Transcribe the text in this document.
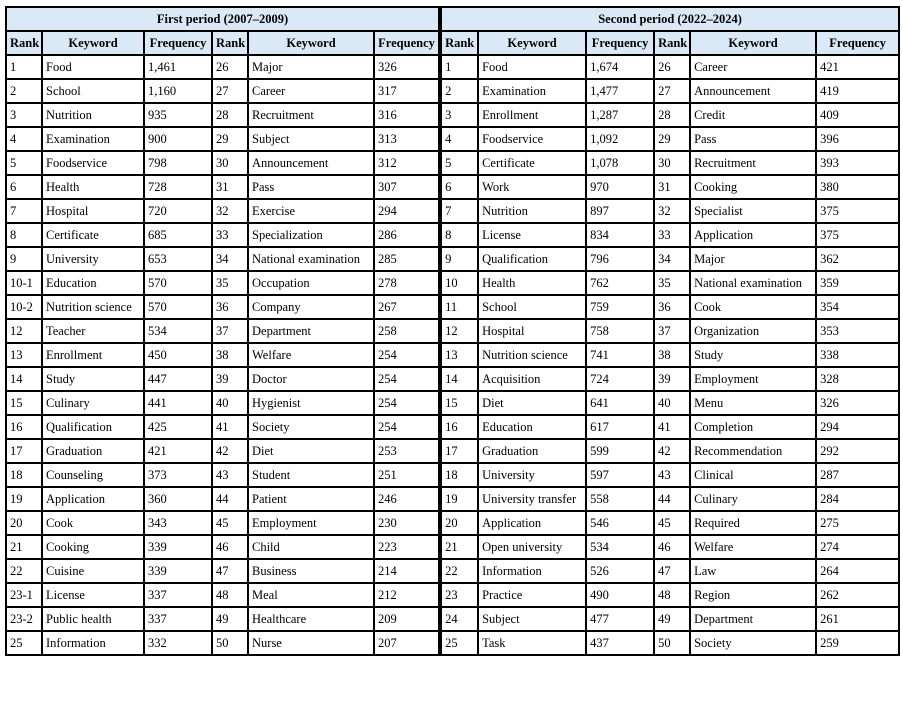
First period (2007–2009)						Second period (2022–2024)					
Rank	Keyword	Frequency	Rank	Keyword	Frequency	Rank	Keyword	Frequency	Rank	Keyword	Frequency
1	Food	1,461	26	Major	326	1	Food	1,674	26	Career	421
2	School	1,160	27	Career	317	2	Examination	1,477	27	Announcement	419
3	Nutrition	935	28	Recruitment	316	3	Enrollment	1,287	28	Credit	409
4	Examination	900	29	Subject	313	4	Foodservice	1,092	29	Pass	396
5	Foodservice	798	30	Announcement	312	5	Certificate	1,078	30	Recruitment	393
6	Health	728	31	Pass	307	6	Work	970	31	Cooking	380
7	Hospital	720	32	Exercise	294	7	Nutrition	897	32	Specialist	375
8	Certificate	685	33	Specialization	286	8	License	834	33	Application	375
9	University	653	34	National examination	285	9	Qualification	796	34	Major	362
10-1	Education	570	35	Occupation	278	10	Health	762	35	National examination	359
10-2	Nutrition science	570	36	Company	267	11	School	759	36	Cook	354
12	Teacher	534	37	Department	258	12	Hospital	758	37	Organization	353
13	Enrollment	450	38	Welfare	254	13	Nutrition science	741	38	Study	338
14	Study	447	39	Doctor	254	14	Acquisition	724	39	Employment	328
15	Culinary	441	40	Hygienist	254	15	Diet	641	40	Menu	326
16	Qualification	425	41	Society	254	16	Education	617	41	Completion	294
17	Graduation	421	42	Diet	253	17	Graduation	599	42	Recommendation	292
18	Counseling	373	43	Student	251	18	University	597	43	Clinical	287
19	Application	360	44	Patient	246	19	University transfer	558	44	Culinary	284
20	Cook	343	45	Employment	230	20	Application	546	45	Required	275
21	Cooking	339	46	Child	223	21	Open university	534	46	Welfare	274
22	Cuisine	339	47	Business	214	22	Information	526	47	Law	264
23-1	License	337	48	Meal	212	23	Practice	490	48	Region	262
23-2	Public health	337	49	Healthcare	209	24	Subject	477	49	Department	261
25	Information	332	50	Nurse	207	25	Task	437	50	Society	259
